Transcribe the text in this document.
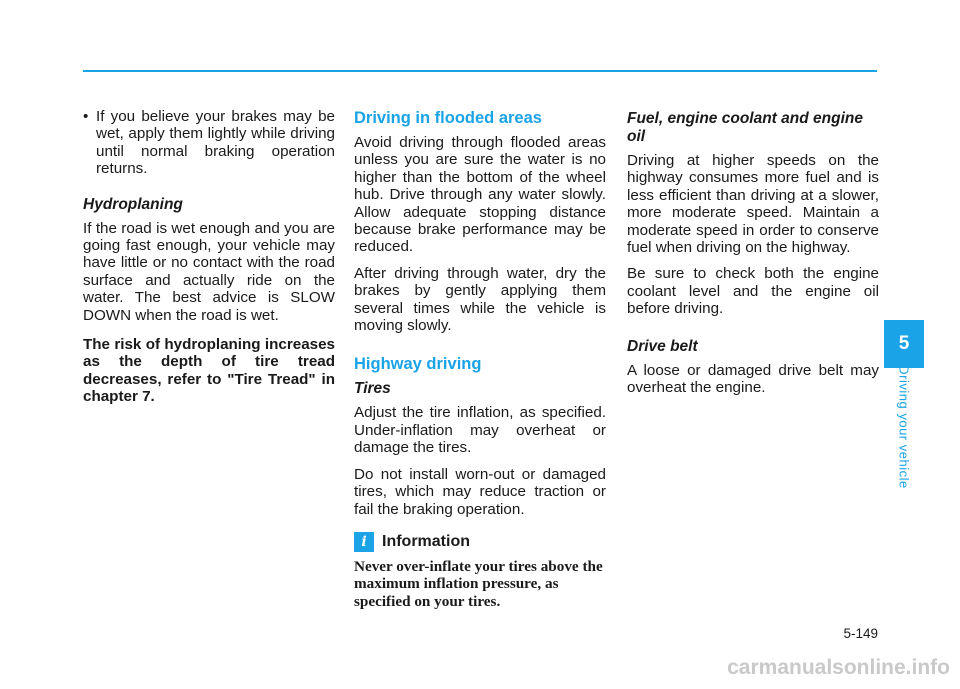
• If you believe your brakes may be wet, apply them lightly while driving until normal braking operation returns.
Hydroplaning

If the road is wet enough and you are going fast enough, your vehicle may have little or no contact with the road surface and actually ride on the water. The best advice is SLOW DOWN when the road is wet.

The risk of hydroplaning increases as the depth of tire tread decreases, refer to "Tire Tread" in chapter 7.

Driving in flooded areas

Avoid driving through flooded areas unless you are sure the water is no higher than the bottom of the wheel hub. Drive through any water slowly. Allow adequate stopping distance because brake performance may be reduced.

After driving through water, dry the brakes by gently applying them several times while the vehicle is moving slowly.

Highway driving
Tires

Adjust the tire inflation, as specified. Under-inflation may overheat or damage the tires.

Do not install worn-out or damaged tires, which may reduce traction or fail the braking operation.

i Information

Never over-inflate your tires above the maximum inflation pressure, as specified on your tires.

Fuel, engine coolant and engine oil

Driving at higher speeds on the highway consumes more fuel and is less efficient than driving at a slower, more moderate speed. Maintain a moderate speed in order to conserve fuel when driving on the highway.

Be sure to check both the engine coolant level and the engine oil before driving.

Drive belt

A loose or damaged drive belt may overheat the engine.

5
Driving your vehicle
5-149
carmanualsonline.info
